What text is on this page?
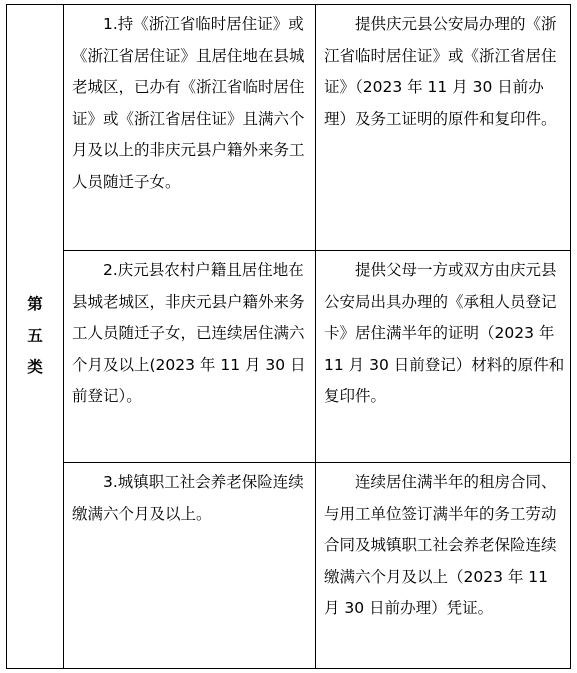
第
五
类	1.持《浙江省临时居住证》或《浙江省居住证》且居住地在县城老城区，已办有《浙江省临时居住证》或《浙江省居住证》且满六个月及以上的非庆元县户籍外来务工人员随迁子女。	提供庆元县公安局办理的《浙江省临时居住证》或《浙江省居住证》（2023 年 11 月 30 日前办理）及务工证明的原件和复印件。

	2.庆元县农村户籍且居住地在县城老城区，非庆元县户籍外来务工人员随迁子女，已连续居住满六个月及以上(2023 年 11 月 30 日前登记）。	提供父母一方或双方由庆元县公安局出具办理的《承租人员登记卡》居住满半年的证明（2023 年 11 月 30 日前登记）材料的原件和复印件。

	3.城镇职工社会养老保险连续缴满六个月及以上。	连续居住满半年的租房合同、与用工单位签订满半年的务工劳动合同及城镇职工社会养老保险连续缴满六个月及以上（2023 年 11 月 30 日前办理）凭证。
